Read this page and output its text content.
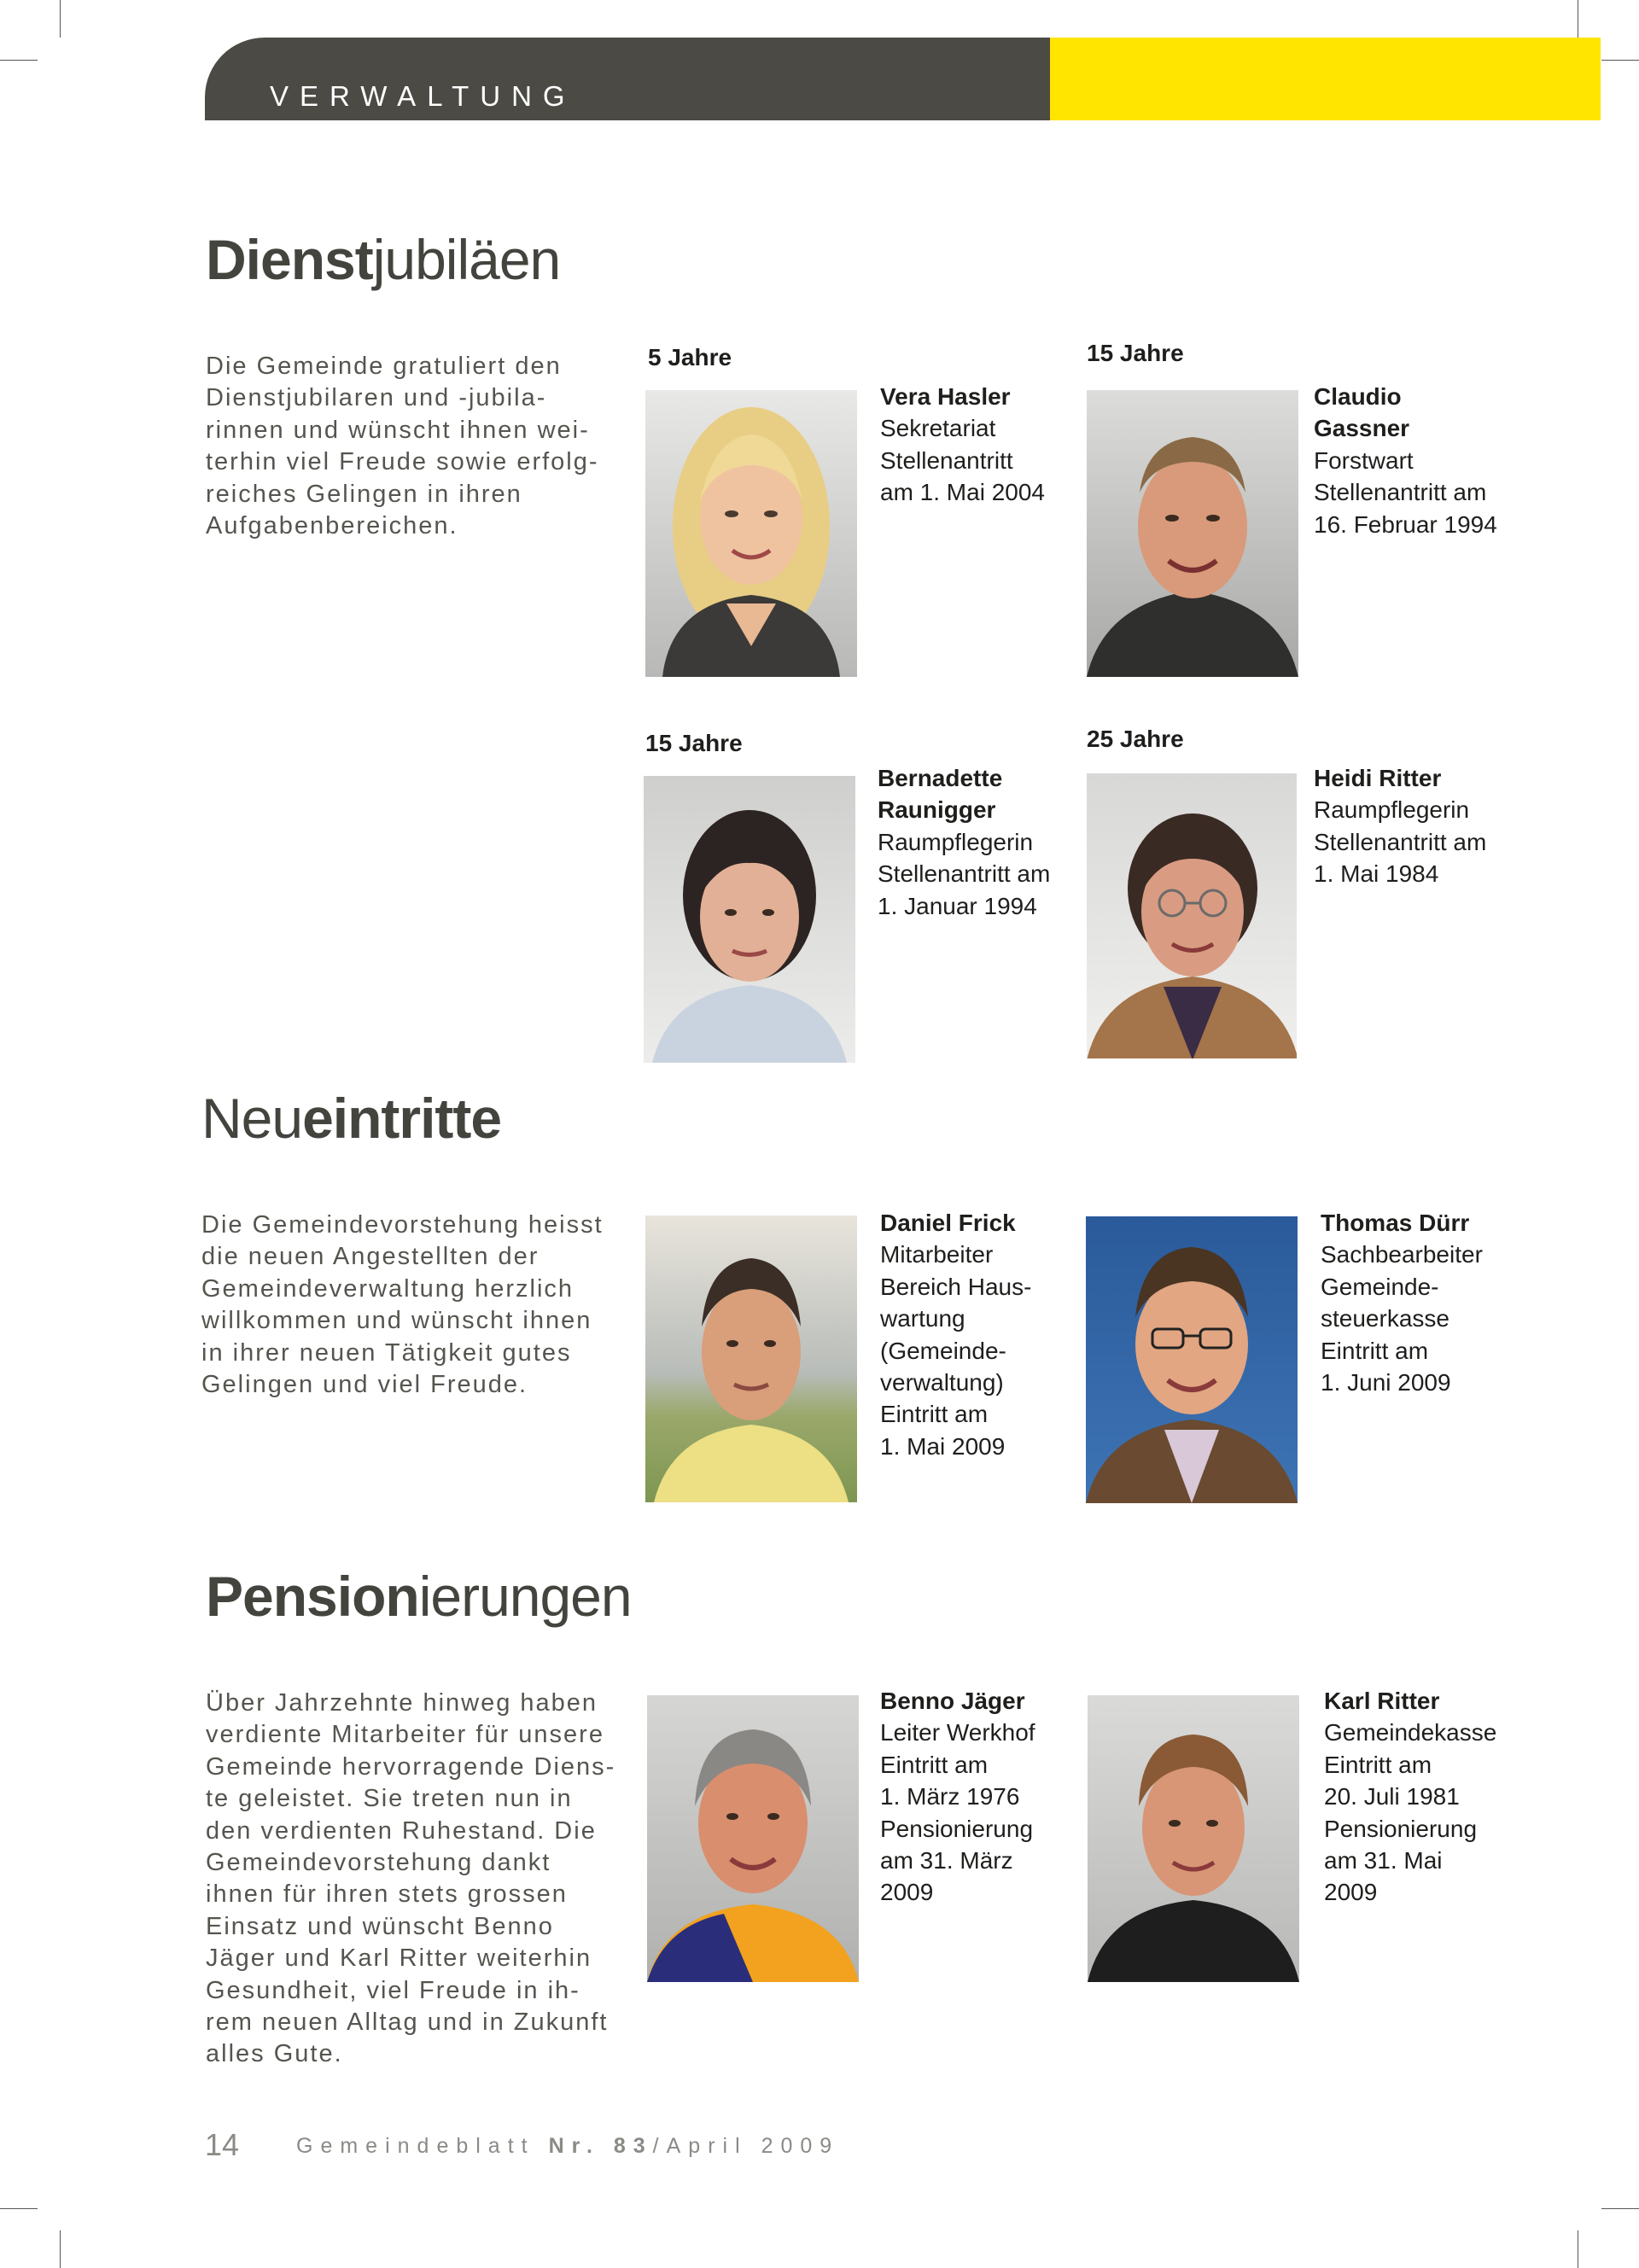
VERWALTUNG
Dienstjubiläen
Die Gemeinde gratuliert den
Dienstjubilaren und -jubila-
rinnen und wünscht ihnen wei-
terhin viel Freude sowie erfolg-
reiches Gelingen in ihren
Aufgabenbereichen.
5 Jahre
Vera Hasler
Sekretariat
Stellenantritt
am 1. Mai 2004
15 Jahre
Claudio
Gassner
Forstwart
Stellenantritt am
16. Februar 1994
15 Jahre
Bernadette
Raunigger
Raumpflegerin
Stellenantritt am
1. Januar 1994
25 Jahre
Heidi Ritter
Raumpflegerin
Stellenantritt am
1. Mai 1984
Neueintritte
Die Gemeindevorstehung heisst
die neuen Angestellten der
Gemeindeverwaltung herzlich
willkommen und wünscht ihnen
in ihrer neuen Tätigkeit gutes
Gelingen und viel Freude.
Daniel Frick
Mitarbeiter
Bereich Haus-
wartung
(Gemeinde-
verwaltung)
Eintritt am
1. Mai 2009
Thomas Dürr
Sachbearbeiter
Gemeinde-
steuerkasse
Eintritt am
1. Juni 2009
Pensionierungen
Über Jahrzehnte hinweg haben
verdiente Mitarbeiter für unsere
Gemeinde hervorragende Diens-
te geleistet. Sie treten nun in
den verdienten Ruhestand. Die
Gemeindevorstehung dankt
ihnen für ihren stets grossen
Einsatz und wünscht Benno
Jäger und Karl Ritter weiterhin
Gesundheit, viel Freude in ih-
rem neuen Alltag und in Zukunft
alles Gute.
Benno Jäger
Leiter Werkhof
Eintritt am
1. März 1976
Pensionierung
am 31. März
2009
Karl Ritter
Gemeindekasse
Eintritt am
20. Juli 1981
Pensionierung
am 31. Mai
2009
14	Gemeindeblatt Nr. 83/April 2009
